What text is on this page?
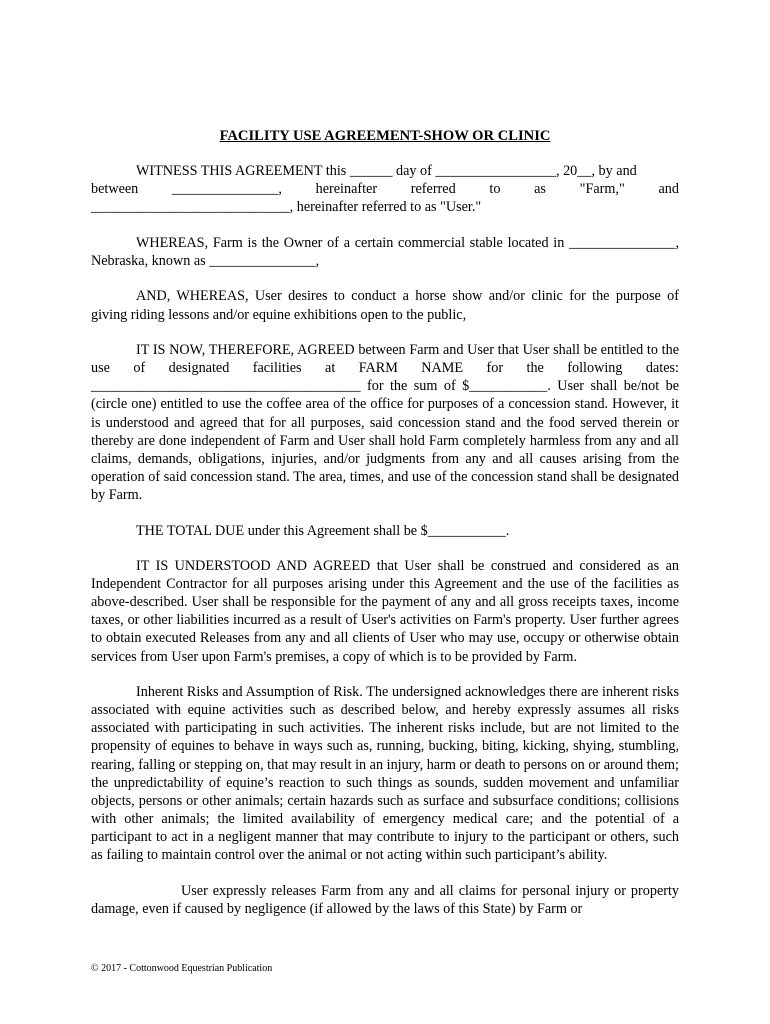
FACILITY USE AGREEMENT-SHOW OR CLINIC

WITNESS THIS AGREEMENT this ______ day of _________________, 20__, by and
between _______________, hereinafter referred to as "Farm," and
____________________________, hereinafter referred to as "User."

WHEREAS, Farm is the Owner of a certain commercial stable located in _______________, Nebraska, known as _______________,

AND, WHEREAS, User desires to conduct a horse show and/or clinic for the purpose of giving riding lessons and/or equine exhibitions open to the public,

IT IS NOW, THEREFORE, AGREED between Farm and User that User shall be entitled to the use of designated facilities at FARM NAME for the following dates: ______________________________________ for the sum of $___________. User shall be/not be (circle one) entitled to use the coffee area of the office for purposes of a concession stand. However, it is understood and agreed that for all purposes, said concession stand and the food served therein or thereby are done independent of Farm and User shall hold Farm completely harmless from any and all claims, demands, obligations, injuries, and/or judgments from any and all causes arising from the operation of said concession stand. The area, times, and use of the concession stand shall be designated by Farm.

THE TOTAL DUE under this Agreement shall be $___________.

IT IS UNDERSTOOD AND AGREED that User shall be construed and considered as an Independent Contractor for all purposes arising under this Agreement and the use of the facilities as above-described. User shall be responsible for the payment of any and all gross receipts taxes, income taxes, or other liabilities incurred as a result of User's activities on Farm's property. User further agrees to obtain executed Releases from any and all clients of User who may use, occupy or otherwise obtain services from User upon Farm's premises, a copy of which is to be provided by Farm.

Inherent Risks and Assumption of Risk. The undersigned acknowledges there are inherent risks associated with equine activities such as described below, and hereby expressly assumes all risks associated with participating in such activities. The inherent risks include, but are not limited to the propensity of equines to behave in ways such as, running, bucking, biting, kicking, shying, stumbling, rearing, falling or stepping on, that may result in an injury, harm or death to persons on or around them; the unpredictability of equine’s reaction to such things as sounds, sudden movement and unfamiliar objects, persons or other animals; certain hazards such as surface and subsurface conditions; collisions with other animals; the limited availability of emergency medical care; and the potential of a participant to act in a negligent manner that may contribute to injury to the participant or others, such as failing to maintain control over the animal or not acting within such participant’s ability.

User expressly releases Farm from any and all claims for personal injury or property damage, even if caused by negligence (if allowed by the laws of this State) by Farm or

© 2017 - Cottonwood Equestrian Publication
